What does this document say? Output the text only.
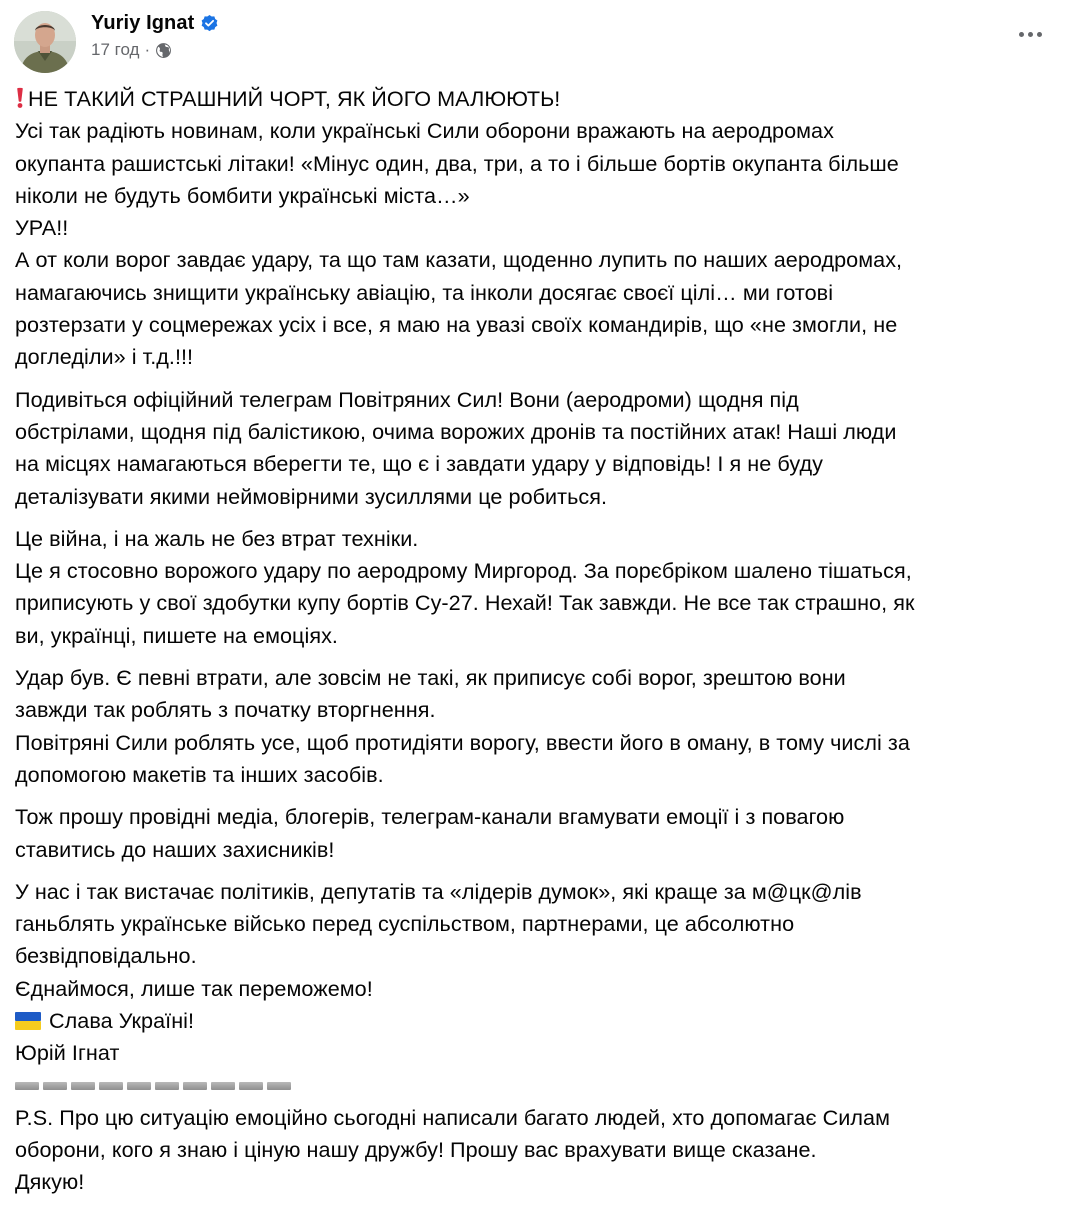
Yuriy Ignat
17 год ·
НЕ ТАКИЙ СТРАШНИЙ ЧОРТ, ЯК ЙОГО МАЛЮЮТЬ!
Усі так радіють новинам, коли українські Сили оборони вражають на аеродромах
окупанта рашистські літаки! «Мінус один, два, три, а то і більше бортів окупанта більше
ніколи не будуть бомбити українські міста…»
УРА!!
А от коли ворог завдає удару, та що там казати, щоденно лупить по наших аеродромах,
намагаючись знищити українську авіацію, та інколи досягає своєї цілі… ми готові
розтерзати у соцмережах усіх і все, я маю на увазі своїх командирів, що «не змогли, не
догледіли» і т.д.!!!
Подивіться офіційний телеграм Повітряних Сил! Вони (аеродроми) щодня під
обстрілами, щодня під балістикою, очима ворожих дронів та постійних атак! Наші люди
на місцях намагаються вберегти те, що є і завдати удару у відповідь! І я не буду
деталізувати якими неймовірними зусиллями це робиться.
Це війна, і на жаль не без втрат техніки.
Це я стосовно ворожого удару по аеродрому Миргород. За порєбріком шалено тішаться,
приписують у свої здобутки купу бортів Су-27. Нехай! Так завжди. Не все так страшно, як
ви, українці, пишете на емоціях.
Удар був. Є певні втрати, але зовсім не такі, як приписує собі ворог, зрештою вони
завжди так роблять з початку вторгнення.
Повітряні Сили роблять усе, щоб протидіяти ворогу, ввести його в оману, в тому числі за
допомогою макетів та інших засобів.
Тож прошу провідні медіа, блогерів, телеграм-канали вгамувати емоції і з повагою
ставитись до наших захисників!
У нас і так вистачає політиків, депутатів та «лідерів думок», які краще за м@цк@лів
ганьблять українське військо перед суспільством, партнерами, це абсолютно
безвідповідально.
Єднаймося, лише так переможемо!
Слава Україні!
Юрій Ігнат
P.S. Про цю ситуацію емоційно сьогодні написали багато людей, хто допомагає Силам
оборони, кого я знаю і ціную нашу дружбу! Прошу вас врахувати вище сказане.
Дякую!
